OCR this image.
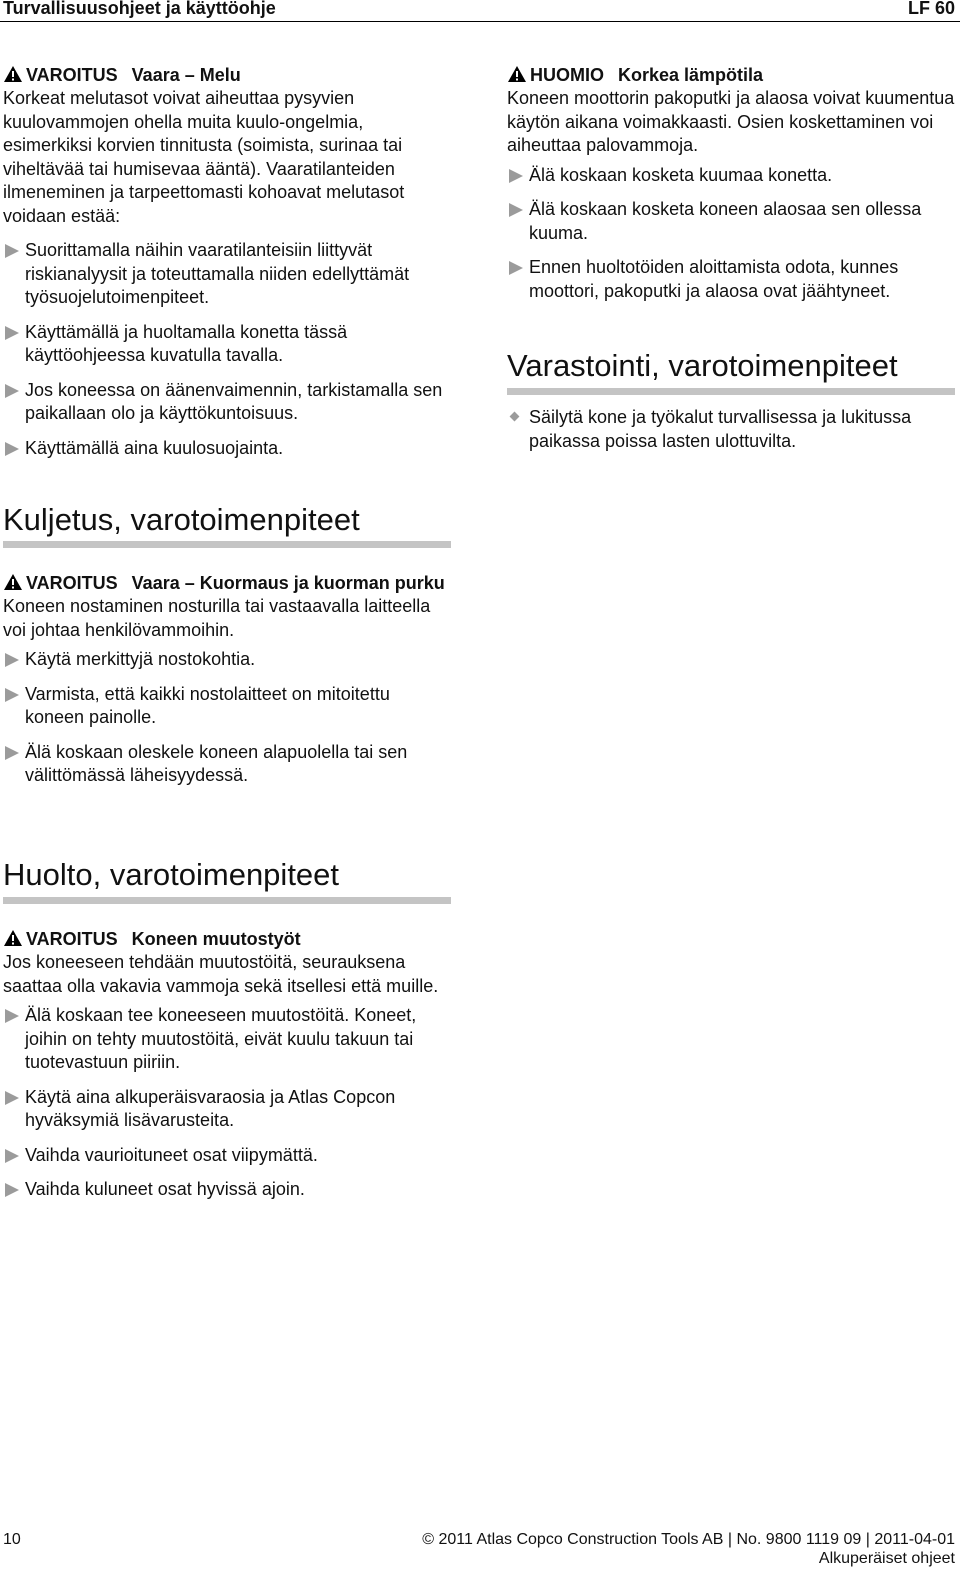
Turvallisuusohjeet ja käyttöohje	LF 60

VAROITUS Vaara – Melu

Korkeat melutasot voivat aiheuttaa pysyvien kuulovammojen ohella muita kuulo-ongelmia, esimerkiksi korvien tinnitusta (soimista, surinaa tai viheltävää tai humisevaa ääntä). Vaaratilanteiden ilmeneminen ja tarpeettomasti kohoavat melutasot voidaan estää:

Suorittamalla näihin vaaratilanteisiin liittyvät riskianalyysit ja toteuttamalla niiden edellyttämät työsuojelutoimenpiteet.
Käyttämällä ja huoltamalla konetta tässä käyttöohjeessa kuvatulla tavalla.
Jos koneessa on äänenvaimennin, tarkistamalla sen paikallaan olo ja käyttökuntoisuus.
Käyttämällä aina kuulosuojainta.

HUOMIO Korkea lämpötila

Koneen moottorin pakoputki ja alaosa voivat kuumentua käytön aikana voimakkaasti. Osien koskettaminen voi aiheuttaa palovammoja.

Älä koskaan kosketa kuumaa konetta.
Älä koskaan kosketa koneen alaosaa sen ollessa kuuma.
Ennen huoltotöiden aloittamista odota, kunnes moottori, pakoputki ja alaosa ovat jäähtyneet.
Varastointi, varotoimenpiteet
Säilytä kone ja työkalut turvallisessa ja lukitussa paikassa poissa lasten ulottuvilta.
Kuljetus, varotoimenpiteet

VAROITUS Vaara – Kuormaus ja kuorman purku

Koneen nostaminen nosturilla tai vastaavalla laitteella voi johtaa henkilövammoihin.

Käytä merkittyjä nostokohtia.
Varmista, että kaikki nostolaitteet on mitoitettu koneen painolle.
Älä koskaan oleskele koneen alapuolella tai sen välittömässä läheisyydessä.
Huolto, varotoimenpiteet

VAROITUS Koneen muutostyöt

Jos koneeseen tehdään muutostöitä, seurauksena saattaa olla vakavia vammoja sekä itsellesi että muille.

Älä koskaan tee koneeseen muutostöitä. Koneet, joihin on tehty muutostöitä, eivät kuulu takuun tai tuotevastuun piiriin.
Käytä aina alkuperäisvaraosia ja Atlas Copcon hyväksymiä lisävarusteita.
Vaihda vaurioituneet osat viipymättä.
Vaihda kuluneet osat hyvissä ajoin.
10	© 2011 Atlas Copco Construction Tools AB | No. 9800 1119 09 | 2011-04-01
Alkuperäiset ohjeet
